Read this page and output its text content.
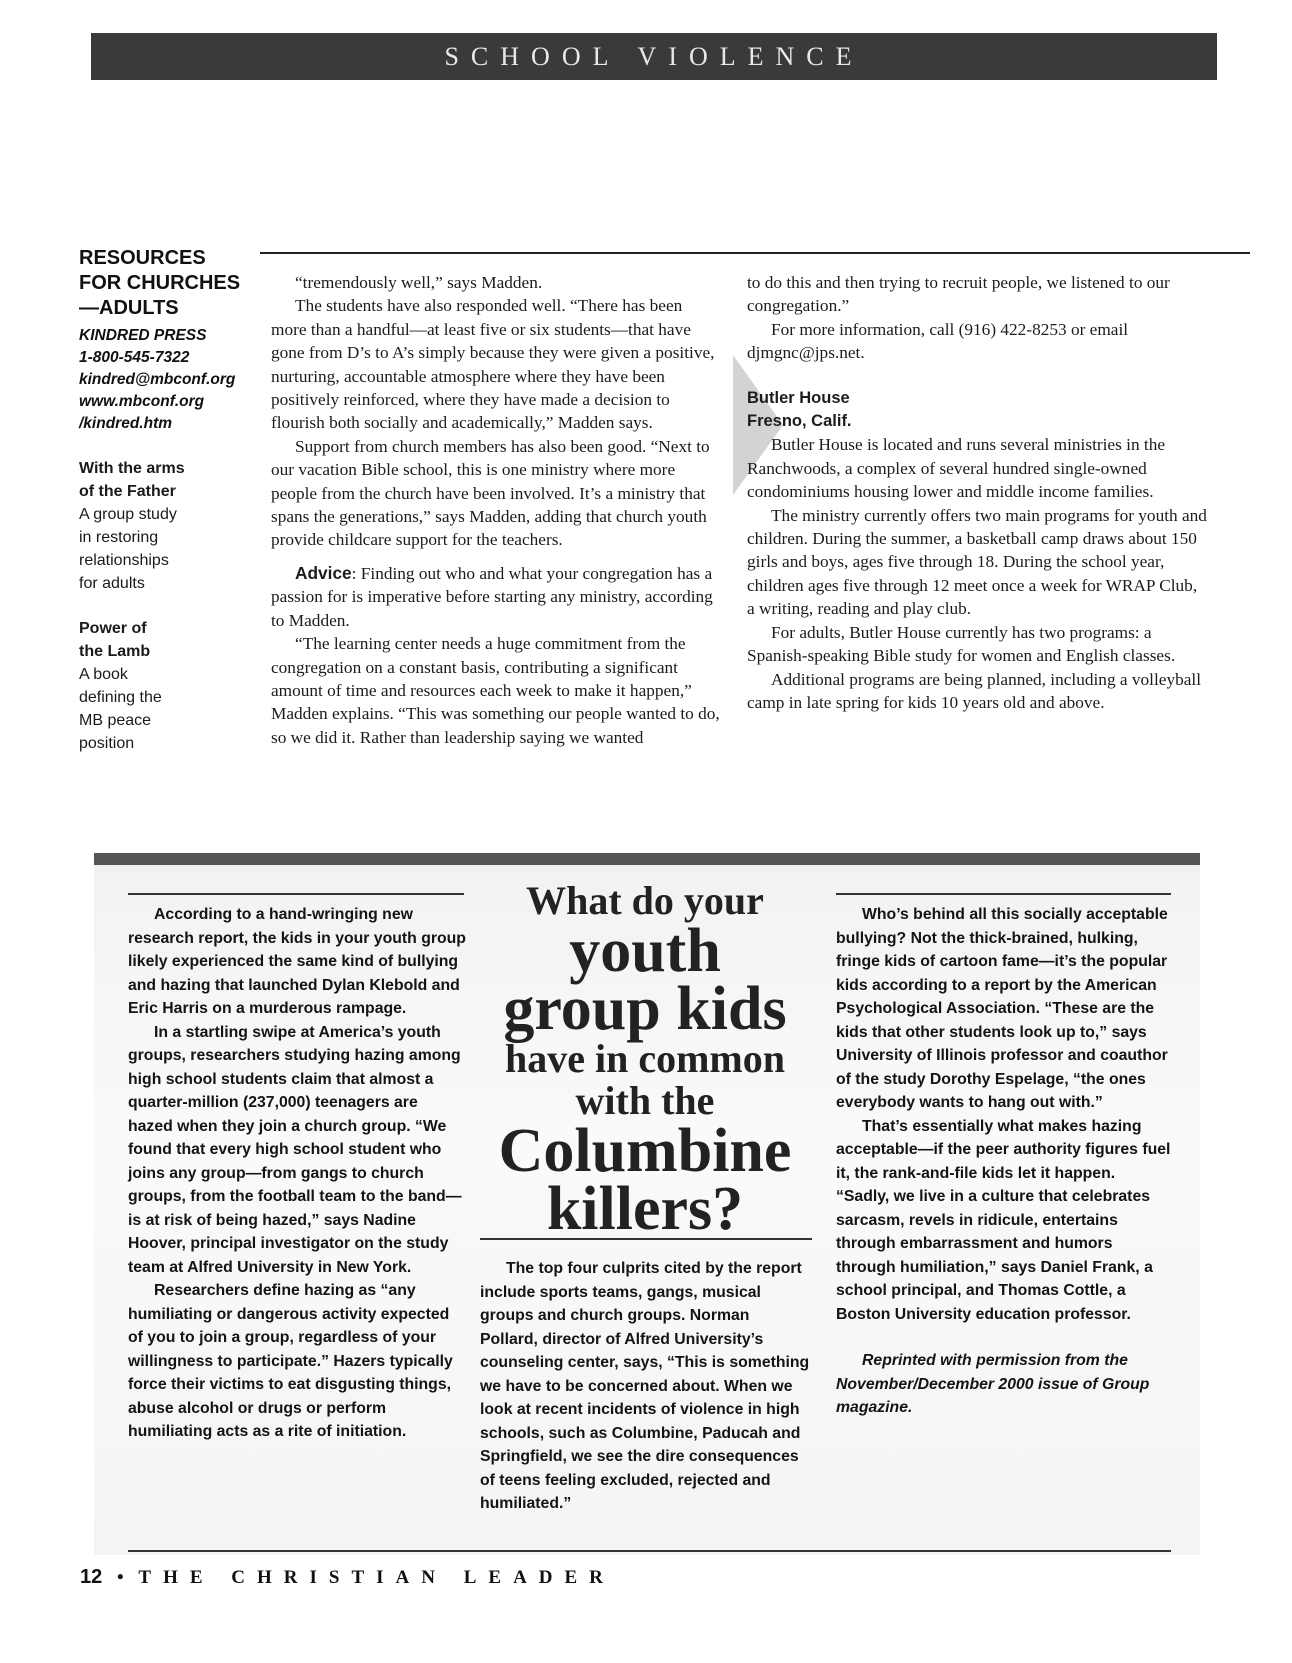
SCHOOL VIOLENCE
RESOURCES
FOR CHURCHES
—ADULTS
KINDRED PRESS
1-800-545-7322
kindred@mbconf.org
www.mbconf.org
/kindred.htm
With the arms
of the Father
A group study
in restoring
relationships
for adults
Power of
the Lamb
A book
defining the
MB peace
position

“tremendously well,” says Madden.

The students have also responded well. “There has been more than a handful—at least five or six students—that have gone from D’s to A’s simply because they were given a positive, nurturing, accountable atmosphere where they have been positively reinforced, where they have made a decision to flourish both socially and academically,” Madden says.

Support from church members has also been good. “Next to our vacation Bible school, this is one ministry where more people from the church have been involved. It’s a ministry that spans the generations,” says Madden, adding that church youth provide childcare support for the teachers.

Advice: Finding out who and what your congregation has a passion for is imperative before starting any ministry, according to Madden.

“The learning center needs a huge commitment from the congregation on a constant basis, contributing a significant amount of time and resources each week to make it happen,” Madden explains. “This was something our people wanted to do, so we did it. Rather than leadership saying we wanted

to do this and then trying to recruit people, we listened to our congregation.”

For more information, call (916) 422-8253 or email djmgnc@jps.net.

Butler House
Fresno, Calif.

Butler House is located and runs several ministries in the Ranchwoods, a complex of several hundred single-owned condominiums housing lower and middle income families.

The ministry currently offers two main programs for youth and children. During the summer, a basketball camp draws about 150 girls and boys, ages five through 18. During the school year, children ages five through 12 meet once a week for WRAP Club, a writing, reading and play club.

For adults, Butler House currently has two programs: a Spanish-speaking Bible study for women and English classes.

Additional programs are being planned, including a volleyball camp in late spring for kids 10 years old and above.

According to a hand-wringing new research report, the kids in your youth group likely experienced the same kind of bullying and hazing that launched Dylan Klebold and Eric Harris on a murderous rampage.

In a startling swipe at America’s youth groups, researchers studying hazing among high school students claim that almost a quarter-million (237,000) teenagers are hazed when they join a church group. “We found that every high school student who joins any group—from gangs to church groups, from the football team to the band—is at risk of being hazed,” says Nadine Hoover, principal investigator on the study team at Alfred University in New York.

Researchers define hazing as “any humiliating or dangerous activity expected of you to join a group, regardless of your willingness to participate.” Hazers typically force their victims to eat disgusting things, abuse alcohol or drugs or perform humiliating acts as a rite of initiation.

What do your
youth
group kids
have in common
with the
Columbine
killers?

The top four culprits cited by the report include sports teams, gangs, musical groups and church groups. Norman Pollard, director of Alfred University’s counseling center, says, “This is something we have to be concerned about. When we look at recent incidents of violence in high schools, such as Columbine, Paducah and Springfield, we see the dire consequences of teens feeling excluded, rejected and humiliated.”

Who’s behind all this socially acceptable bullying? Not the thick-brained, hulking, fringe kids of cartoon fame—it’s the popular kids according to a report by the American Psychological Association. “These are the kids that other students look up to,” says University of Illinois professor and coauthor of the study Dorothy Espelage, “the ones everybody wants to hang out with.”

That’s essentially what makes hazing acceptable—if the peer authority figures fuel it, the rank-and-file kids let it happen. “Sadly, we live in a culture that celebrates sarcasm, revels in ridicule, entertains through embarrassment and humors through humiliation,” says Daniel Frank, a school principal, and Thomas Cottle, a Boston University education professor.

Reprinted with permission from the November/December 2000 issue of Group magazine.

12 • THE CHRISTIAN LEADER
